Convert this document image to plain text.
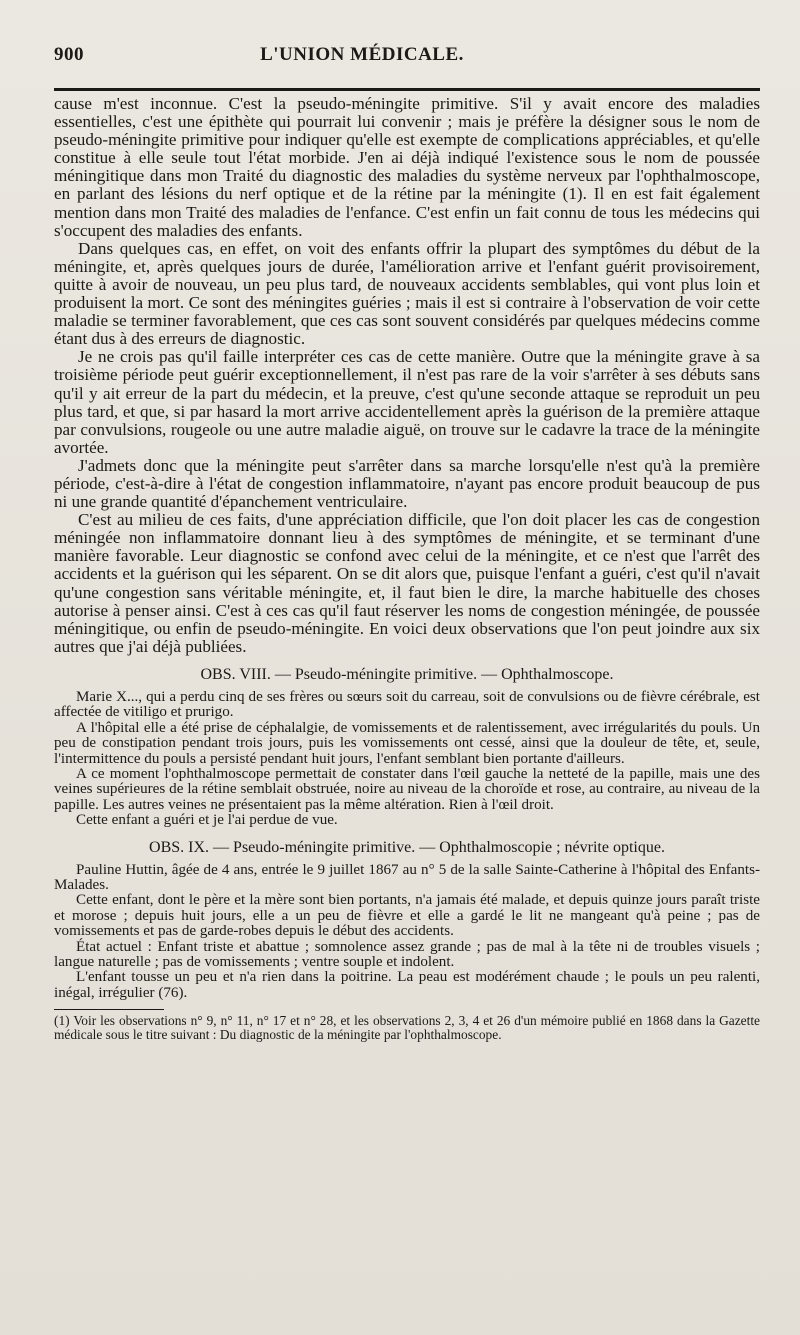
900	L'UNION MÉDICALE.

cause m'est inconnue. C'est la pseudo-méningite primitive. S'il y avait encore des maladies essentielles, c'est une épithète qui pourrait lui convenir ; mais je préfère la désigner sous le nom de pseudo-méningite primitive pour indiquer qu'elle est exempte de complications appréciables, et qu'elle constitue à elle seule tout l'état morbide. J'en ai déjà indiqué l'existence sous le nom de poussée méningitique dans mon Traité du diagnostic des maladies du système nerveux par l'ophthalmoscope, en parlant des lésions du nerf optique et de la rétine par la méningite (1). Il en est fait également mention dans mon Traité des maladies de l'enfance. C'est enfin un fait connu de tous les médecins qui s'occupent des maladies des enfants.

Dans quelques cas, en effet, on voit des enfants offrir la plupart des symptômes du début de la méningite, et, après quelques jours de durée, l'amélioration arrive et l'enfant guérit provisoirement, quitte à avoir de nouveau, un peu plus tard, de nouveaux accidents semblables, qui vont plus loin et produisent la mort. Ce sont des méningites guéries ; mais il est si contraire à l'observation de voir cette maladie se terminer favorablement, que ces cas sont souvent considérés par quelques médecins comme étant dus à des erreurs de diagnostic.

Je ne crois pas qu'il faille interpréter ces cas de cette manière. Outre que la méningite grave à sa troisième période peut guérir exceptionnellement, il n'est pas rare de la voir s'arrêter à ses débuts sans qu'il y ait erreur de la part du médecin, et la preuve, c'est qu'une seconde attaque se reproduit un peu plus tard, et que, si par hasard la mort arrive accidentellement après la guérison de la première attaque par convulsions, rougeole ou une autre maladie aiguë, on trouve sur le cadavre la trace de la méningite avortée.

J'admets donc que la méningite peut s'arrêter dans sa marche lorsqu'elle n'est qu'à la première période, c'est-à-dire à l'état de congestion inflammatoire, n'ayant pas encore produit beaucoup de pus ni une grande quantité d'épanchement ventriculaire.

C'est au milieu de ces faits, d'une appréciation difficile, que l'on doit placer les cas de congestion méningée non inflammatoire donnant lieu à des symptômes de méningite, et se terminant d'une manière favorable. Leur diagnostic se confond avec celui de la méningite, et ce n'est que l'arrêt des accidents et la guérison qui les séparent. On se dit alors que, puisque l'enfant a guéri, c'est qu'il n'avait qu'une congestion sans véritable méningite, et, il faut bien le dire, la marche habituelle des choses autorise à penser ainsi. C'est à ces cas qu'il faut réserver les noms de congestion méningée, de poussée méningitique, ou enfin de pseudo-méningite. En voici deux observations que l'on peut joindre aux six autres que j'ai déjà publiées.

OBS. VIII. — Pseudo-méningite primitive. — Ophthalmoscope.

Marie X..., qui a perdu cinq de ses frères ou sœurs soit du carreau, soit de convulsions ou de fièvre cérébrale, est affectée de vitiligo et prurigo.

A l'hôpital elle a été prise de céphalalgie, de vomissements et de ralentissement, avec irrégularités du pouls. Un peu de constipation pendant trois jours, puis les vomissements ont cessé, ainsi que la douleur de tête, et, seule, l'intermittence du pouls a persisté pendant huit jours, l'enfant semblant bien portante d'ailleurs.

A ce moment l'ophthalmoscope permettait de constater dans l'œil gauche la netteté de la papille, mais une des veines supérieures de la rétine semblait obstruée, noire au niveau de la choroïde et rose, au contraire, au niveau de la papille. Les autres veines ne présentaient pas la même altération. Rien à l'œil droit.

Cette enfant a guéri et je l'ai perdue de vue.

OBS. IX. — Pseudo-méningite primitive. — Ophthalmoscopie ; névrite optique.

Pauline Huttin, âgée de 4 ans, entrée le 9 juillet 1867 au n° 5 de la salle Sainte-Catherine à l'hôpital des Enfants-Malades.

Cette enfant, dont le père et la mère sont bien portants, n'a jamais été malade, et depuis quinze jours paraît triste et morose ; depuis huit jours, elle a un peu de fièvre et elle a gardé le lit ne mangeant qu'à peine ; pas de vomissements et pas de garde-robes depuis le début des accidents.

État actuel : Enfant triste et abattue ; somnolence assez grande ; pas de mal à la tête ni de troubles visuels ; langue naturelle ; pas de vomissements ; ventre souple et indolent.

L'enfant tousse un peu et n'a rien dans la poitrine. La peau est modérément chaude ; le pouls un peu ralenti, inégal, irrégulier (76).

(1) Voir les observations n° 9, n° 11, n° 17 et n° 28, et les observations 2, 3, 4 et 26 d'un mémoire publié en 1868 dans la Gazette médicale sous le titre suivant : Du diagnostic de la méningite par l'ophthalmoscope.
